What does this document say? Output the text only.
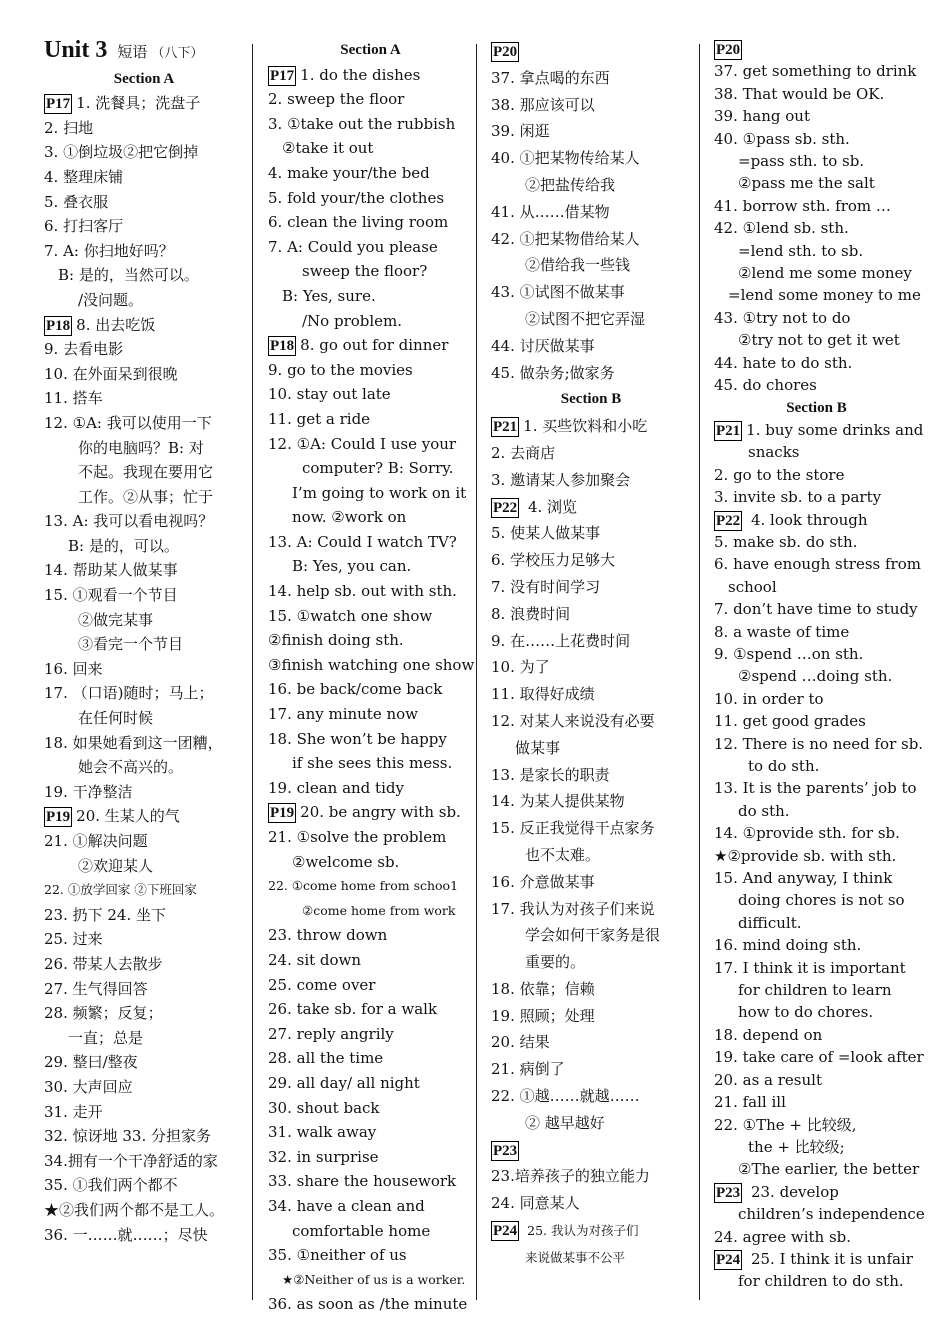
Unit 3 短语 （八下）
Section A
P17 1. 洗餐具；洗盘子
2. 扫地
3. ①倒垃圾②把它倒掉
4. 整理床铺
5. 叠衣服
6. 打扫客厅
7. A: 你扫地好吗？
B: 是的，当然可以。
/没问题。
P18 8. 出去吃饭
9. 去看电影
10. 在外面呆到很晚
11. 搭车
12. ①A: 我可以使用一下
你的电脑吗？B: 对
不起。我现在要用它
工作。②从事；忙于
13. A: 我可以看电视吗？
B: 是的，可以。
14. 帮助某人做某事
15. ①观看一个节目
②做完某事
③看完一个节目
16. 回来
17. （口语)随时；马上；
在任何时候
18. 如果她看到这一团糟，
她会不高兴的。
19. 干净整洁
P19 20. 生某人的气
21. ①解决问题
②欢迎某人
22. ①放学回家 ②下班回家
23. 扔下 24. 坐下
25. 过来
26. 带某人去散步
27. 生气得回答
28. 频繁；反复；
一直；总是
29. 整曰/整夜
30. 大声回应
31. 走开
32. 惊讶地 33. 分担家务
34.拥有一个干净舒适的家
35. ①我们两个都不
★②我们两个都不是工人。
36. 一……就……；尽快
Section A
P17 1. do the dishes
2. sweep the floor
3. ①take out the rubbish
②take it out
4. make your/the bed
5. fold your/the clothes
6. clean the living room
7. A: Could you please
sweep the floor?
B: Yes, sure.
/No problem.
P18 8. go out for dinner
9. go to the movies
10. stay out late
11. get a ride
12. ①A: Could I use your
computer? B: Sorry.
I’m going to work on it
now. ②work on
13. A: Could I watch TV?
B: Yes, you can.
14. help sb. out with sth.
15. ①watch one show
②finish doing sth.
③finish watching one show
16. be back/come back
17. any minute now
18. She won’t be happy
if she sees this mess.
19. clean and tidy
P19 20. be angry with sb.
21. ①solve the problem
②welcome sb.
22. ①come home from schoo1
②come home from work
23. throw down
24. sit down
25. come over
26. take sb. for a walk
27. reply angrily
28. all the time
29. all day/ all night
30. shout back
31. walk away
32. in surprise
33. share the housework
34. have a clean and
comfortable home
35. ①neither of us
★②Neither of us is a worker.
36. as soon as /the minute
P20
37. 拿点喝的东西
38. 那应该可以
39. 闲逛
40. ①把某物传给某人
②把盐传给我
41. 从……借某物
42. ①把某物借给某人
②借给我一些钱
43. ①试图不做某事
②试图不把它弄湿
44. 讨厌做某事
45. 做杂务;做家务
Section B
P21 1. 买些饮料和小吃
2. 去商店
3. 邀请某人参加聚会
P22 4. 浏览
5. 使某人做某事
6. 学校压力足够大
7. 没有时间学习
8. 浪费时间
9. 在……上花费时间
10. 为了
11. 取得好成绩
12. 对某人来说没有必要
做某事
13. 是家长的职责
14. 为某人提供某物
15. 反正我觉得干点家务
也不太难。
16. 介意做某事
17. 我认为对孩子们来说
学会如何干家务是很
重要的。
18. 依靠；信赖
19. 照顾；处理
20. 结果
21. 病倒了
22. ①越……就越……
② 越早越好
P23
23.培养孩子的独立能力
24. 同意某人
P24 25. 我认为对孩子们
来说做某事不公平
P20
37. get something to drink
38. That would be OK.
39. hang out
40. ①pass sb. sth.
=pass sth. to sb.
②pass me the salt
41. borrow sth. from …
42. ①lend sb. sth.
=lend sth. to sb.
②lend me some money
=lend some money to me
43. ①try not to do
②try not to get it wet
44. hate to do sth.
45. do chores
Section B
P21 1. buy some drinks and
snacks
2. go to the store
3. invite sb. to a party
P22 4. look through
5. make sb. do sth.
6. have enough stress from
school
7. don’t have time to study
8. a waste of time
9. ①spend …on sth.
②spend …doing sth.
10. in order to
11. get good grades
12. There is no need for sb.
to do sth.
13. It is the parents’ job to
do sth.
14. ①provide sth. for sb.
★②provide sb. with sth.
15. And anyway, I think
doing chores is not so
difficult.
16. mind doing sth.
17. I think it is important
for children to learn
how to do chores.
18. depend on
19. take care of =look after
20. as a result
21. fall ill
22. ①The + 比较级,
the + 比较级;
②The earlier, the better
P23 23. develop
children’s independence
24. agree with sb.
P24 25. I think it is unfair
for children to do sth.
